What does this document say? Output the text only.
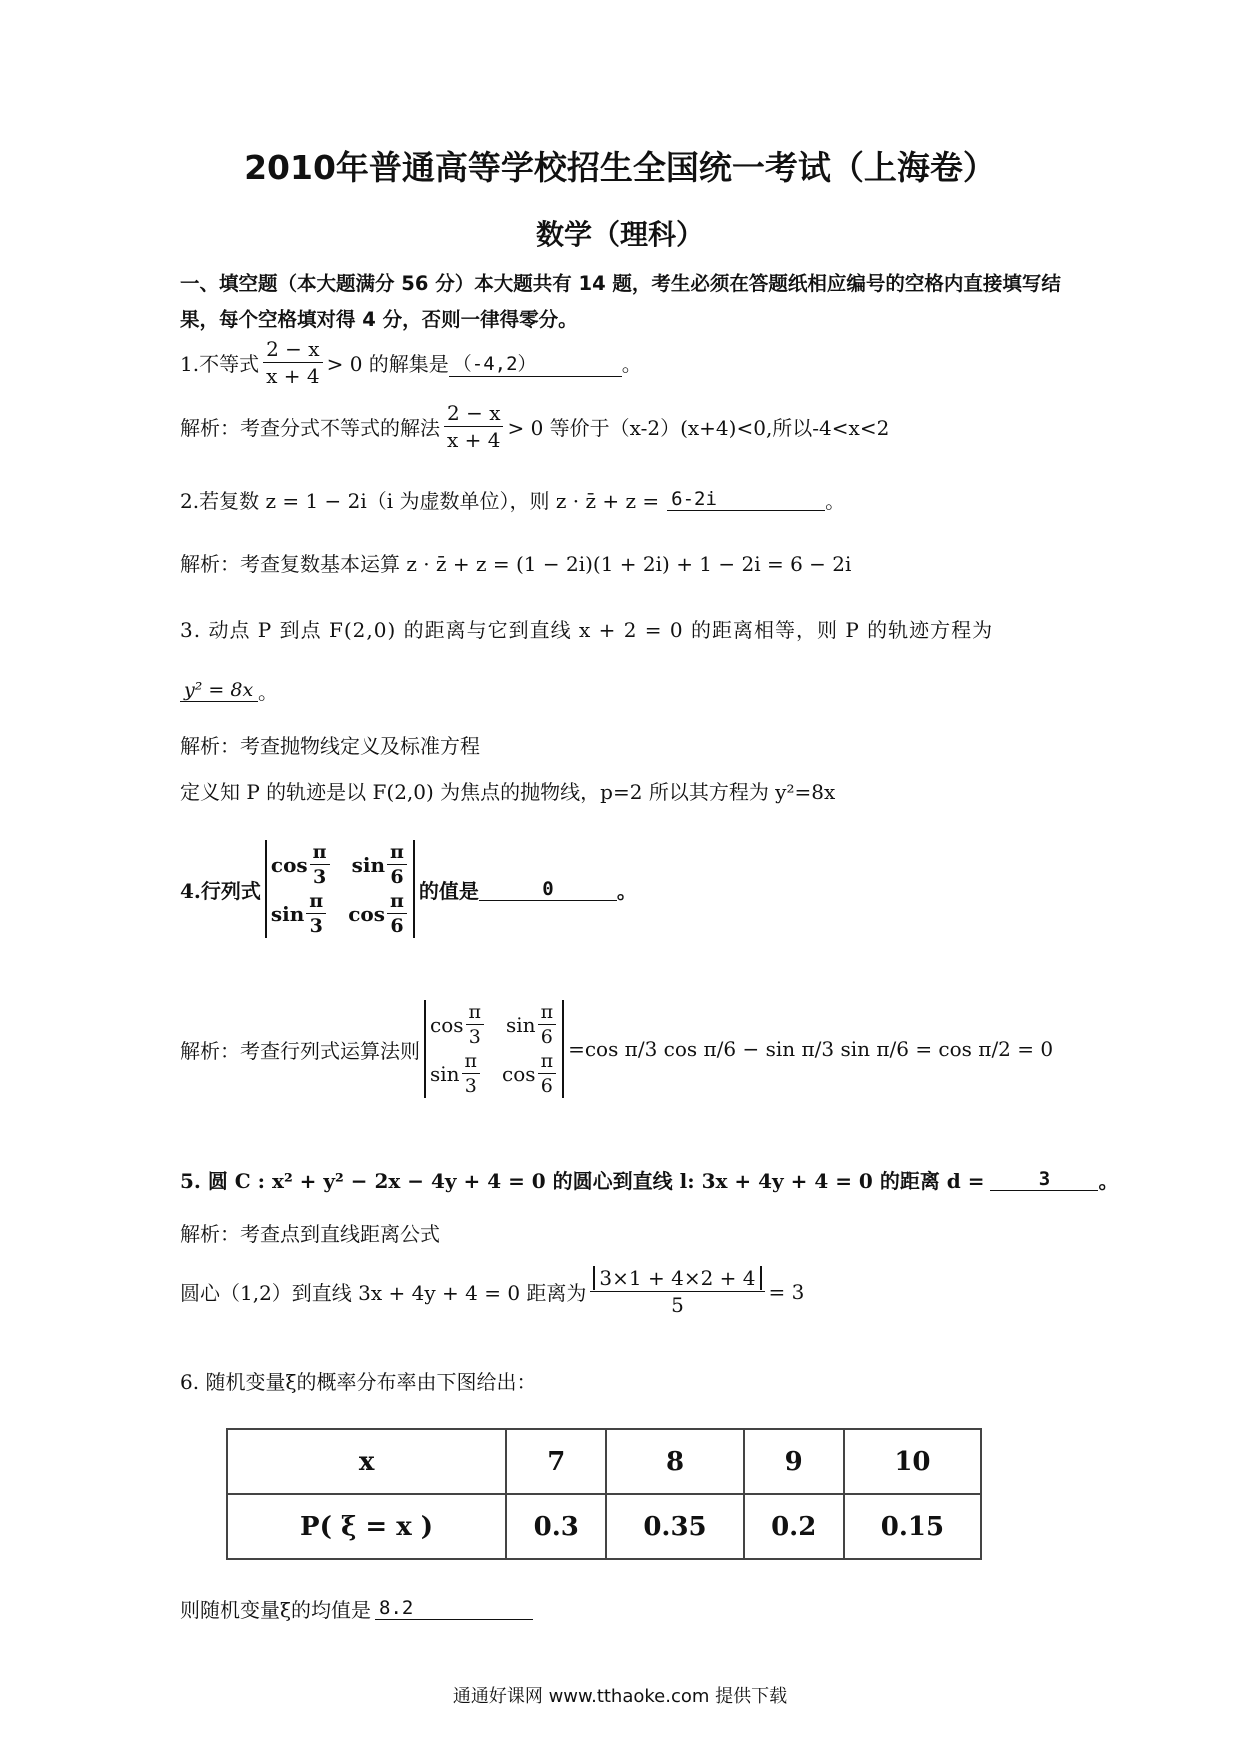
2010年普通高等学校招生全国统一考试（上海卷）
数学（理科）
一、填空题（本大题满分 56 分）本大题共有 14 题，考生必须在答题纸相应编号的空格内直接填写结果，每个空格填对得 4 分，否则一律得零分。
1.不等式 $\frac{2 - x}{x + 4} > 0$ 的解集是 （-4,2）	。
解析：考查分式不等式的解法 $\frac{2 - x}{x + 4} > 0$ 等价于（x-2）(x+4)<0,所以-4<x<2
2.若复数 z = 1 − 2i（i 为虚数单位），则 z · z̄ + z = 6-2i	。
解析：考查复数基本运算 z · z̄ + z = (1 − 2i)(1 + 2i) + 1 − 2i = 6 − 2i
3. 动点 P 到点 F(2,0) 的距离与它到直线 x + 2 = 0 的距离相等，则 P 的轨迹方程为
y² = 8x 。
解析：考查抛物线定义及标准方程
定义知 P 的轨迹是以 F(2,0) 为焦点的抛物线，p=2 所以其方程为 y²=8x
4.行列式
$\cos \frac{\pi}{3}$ $\sin \frac{\pi}{6}$
$\sin \frac{\pi}{3}$ $\cos \frac{\pi}{6}$ 的值是	0	。
解析：考查行列式运算法则
$\cos \frac{\pi}{3}$ $\sin \frac{\pi}{6}$
$\sin \frac{\pi}{3}$ $\cos \frac{\pi}{6} =\cos$ π/3 cos π/6 − sin π/3 sin π/6 = cos π/2 = 0
5. 圆 C : x² + y² − 2x − 4y + 4 = 0 的圆心到直线 l: 3x + 4y + 4 = 0 的距离 d =	3	。
解析：考查点到直线距离公式
圆心（1,2）到直线 3x + 4y + 4 = 0 距离为 $\frac{3\times 1 + 4\times 2 + 4}{5} = 3$
6. 随机变量ξ的概率分布率由下图给出：
x	7	8	9	10
P( ξ = x )	0.3	0.35	0.2	0.15
则随机变量ξ的均值是 8.2
通通好课网 www.tthaoke.com 提供下载
